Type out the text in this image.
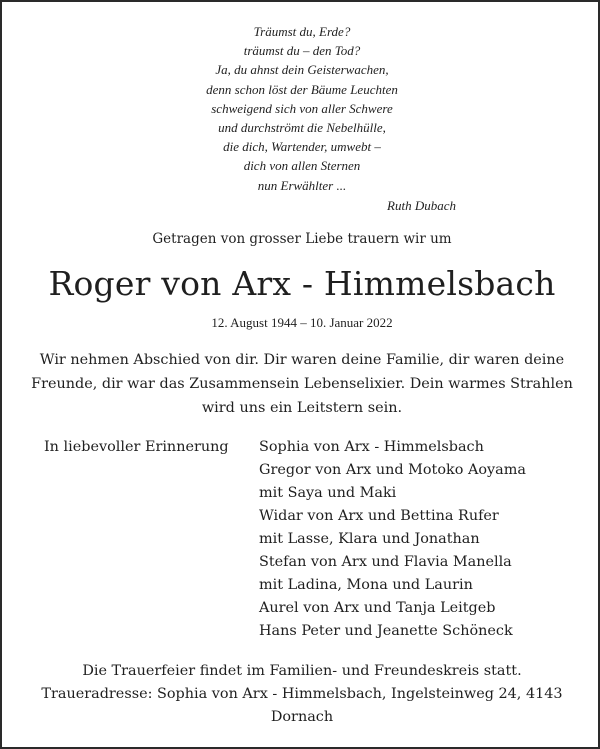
Träumst du, Erde?
träumst du – den Tod?
Ja, du ahnst dein Geisterwachen,
denn schon löst der Bäume Leuchten
schweigend sich von aller Schwere
und durchströmt die Nebelhülle,
die dich, Wartender, umwebt –
dich von allen Sternen
nun Erwählter ...
Ruth Dubach
Getragen von grosser Liebe trauern wir um
Roger von Arx - Himmelsbach
12. August 1944 – 10. Januar 2022
Wir nehmen Abschied von dir. Dir waren deine Familie, dir waren deine
Freunde, dir war das Zusammensein Lebenselixier. Dein warmes Strahlen
wird uns ein Leitstern sein.
In liebevoller Erinnerung Sophia von Arx - Himmelsbach
Gregor von Arx und Motoko Aoyama
mit Saya und Maki
Widar von Arx und Bettina Rufer
mit Lasse, Klara und Jonathan
Stefan von Arx und Flavia Manella
mit Ladina, Mona und Laurin
Aurel von Arx und Tanja Leitgeb
Hans Peter und Jeanette Schöneck
Die Trauerfeier findet im Familien- und Freundeskreis statt.
Traueradresse: Sophia von Arx - Himmelsbach, Ingelsteinweg 24, 4143
Dornach
